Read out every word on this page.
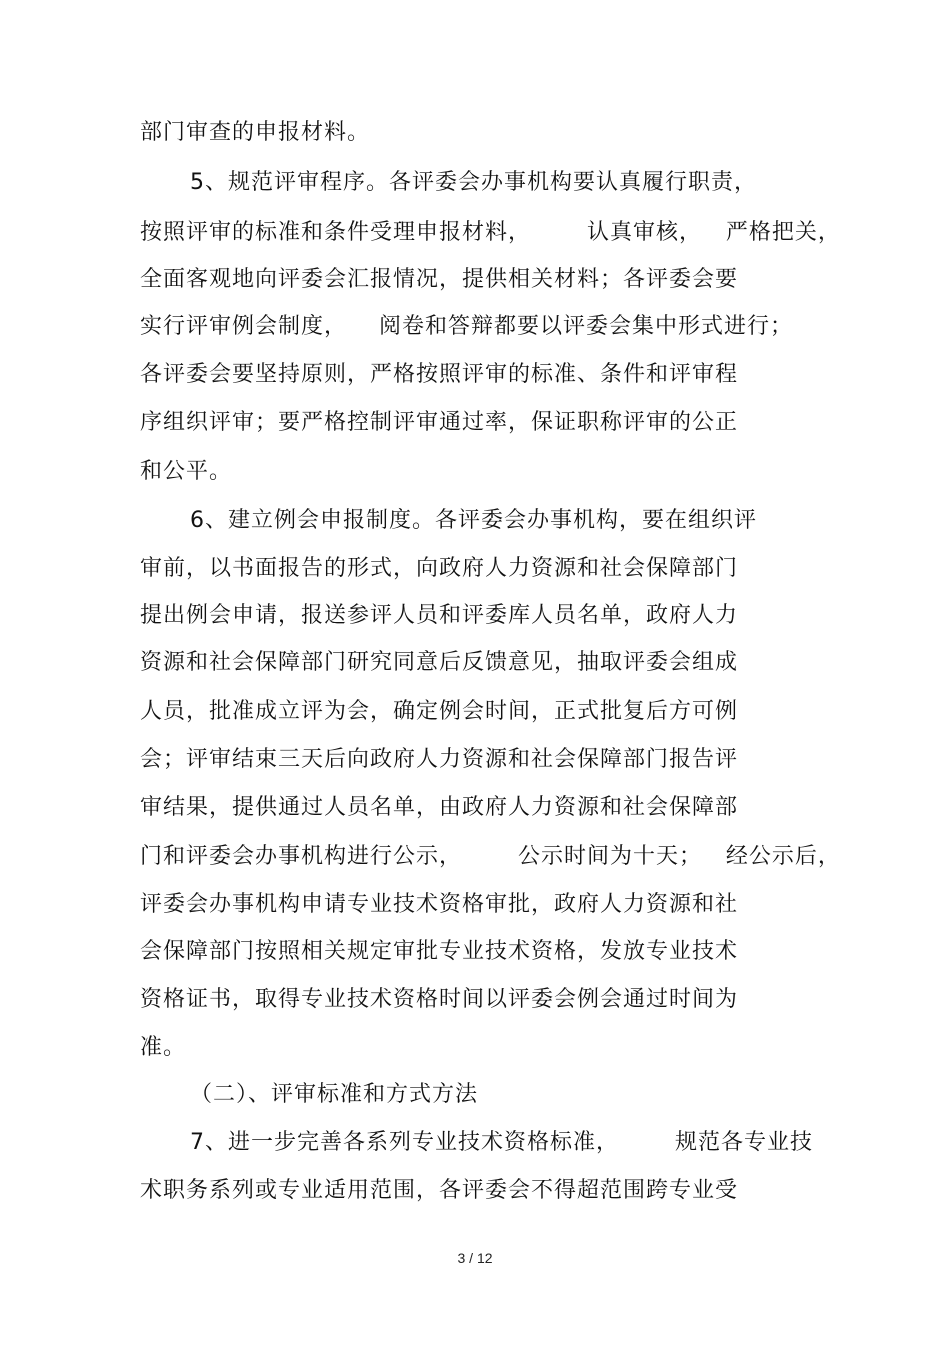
部门审查的申报材料。
5、规范评审程序。各评委会办事机构要认真履行职责，
按照评审的标准和条件受理申报材料，       认真审核，   严格把关，
全面客观地向评委会汇报情况，提供相关材料；各评委会要
实行评审例会制度，    阅卷和答辩都要以评委会集中形式进行；
各评委会要坚持原则，严格按照评审的标准、条件和评审程
序组织评审；要严格控制评审通过率，保证职称评审的公正
和公平。
6、建立例会申报制度。各评委会办事机构，要在组织评
审前，以书面报告的形式，向政府人力资源和社会保障部门
提出例会申请，报送参评人员和评委库人员名单，政府人力
资源和社会保障部门研究同意后反馈意见，抽取评委会组成
人员，批准成立评为会，确定例会时间，正式批复后方可例
会；评审结束三天后向政府人力资源和社会保障部门报告评
审结果，提供通过人员名单，由政府人力资源和社会保障部
门和评委会办事机构进行公示，       公示时间为十天；   经公示后，
评委会办事机构申请专业技术资格审批，政府人力资源和社
会保障部门按照相关规定审批专业技术资格，发放专业技术
资格证书，取得专业技术资格时间以评委会例会通过时间为
准。
（二）、评审标准和方式方法
7、进一步完善各系列专业技术资格标准，       规范各专业技
术职务系列或专业适用范围，各评委会不得超范围跨专业受
3 / 12
